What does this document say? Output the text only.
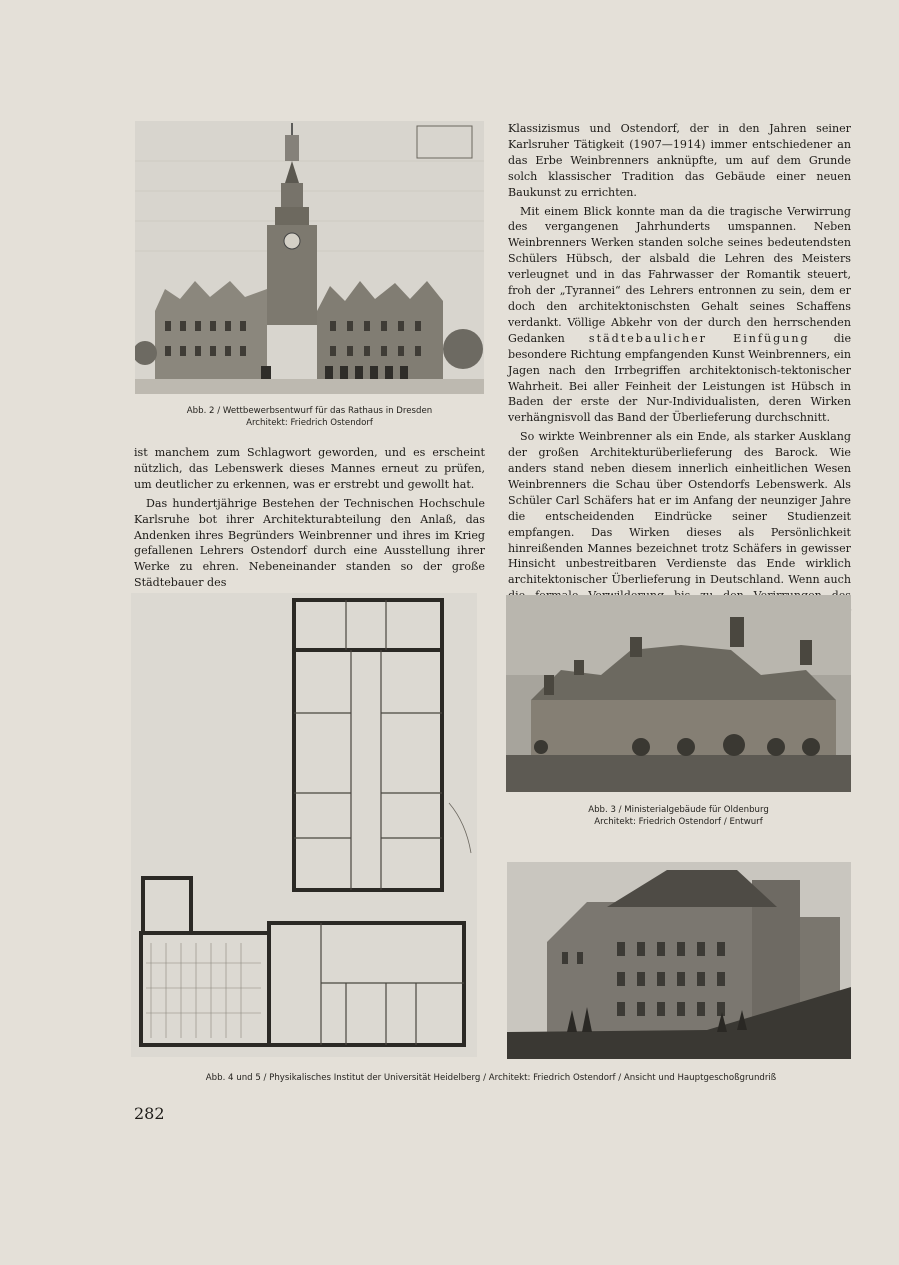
Abb. 2 / Wettbewerbsentwurf für das Rathaus in Dresden
Architekt: Friedrich Ostendorf

ist manchem zum Schlagwort geworden, und es erscheint nützlich, das Lebenswerk dieses Mannes erneut zu prüfen, um deutlicher zu erkennen, was er erstrebt und gewollt hat.

Das hundertjährige Bestehen der Technischen Hochschule Karlsruhe bot ihrer Architekturabteilung den Anlaß, das Andenken ihres Begründers Weinbrenner und ihres im Krieg gefallenen Lehrers Ostendorf durch eine Ausstellung ihrer Werke zu ehren. Nebeneinander standen so der große Städtebauer des

Klassizismus und Ostendorf, der in den Jahren seiner Karlsruher Tätigkeit (1907—1914) immer entschiedener an das Erbe Weinbrenners anknüpfte, um auf dem Grunde solch klassischer Tradition das Gebäude einer neuen Baukunst zu errichten.

Mit einem Blick konnte man da die tragische Verwirrung des vergangenen Jahrhunderts umspannen. Neben Weinbrenners Werken standen solche seines bedeutendsten Schülers Hübsch, der alsbald die Lehren des Meisters verleugnet und in das Fahrwasser der Romantik steuert, froh der „Tyrannei“ des Lehrers entronnen zu sein, dem er doch den architektonischsten Gehalt seines Schaffens verdankt. Völlige Abkehr von der durch den herrschenden Gedanken städtebaulicher Einfügung die besondere Richtung empfangenden Kunst Weinbrenners, ein Jagen nach den Irrbegriffen architektonisch-tektonischer Wahrheit. Bei aller Feinheit der Leistungen ist Hübsch in Baden der erste der Nur-Individualisten, deren Wirken verhängnisvoll das Band der Überlieferung durchschnitt.

So wirkte Weinbrenner als ein Ende, als starker Ausklang der großen Architekturüberlieferung des Barock. Wie anders stand neben diesem innerlich einheitlichen Wesen Weinbrenners die Schau über Ostendorfs Lebenswerk. Als Schüler Carl Schäfers hat er im Anfang der neunziger Jahre die entscheidenden Eindrücke seiner Studienzeit empfangen. Das Wirken dieses als Persönlichkeit hinreißenden Mannes bezeichnet trotz Schäfers in gewisser Hinsicht unbestreitbaren Verdienste das Ende wirklich architektonischer Überlieferung in Deutschland. Wenn auch

Abb. 3 / Ministerialgebäude für Oldenburg
Architekt: Friedrich Ostendorf / Entwurf
Abb. 4 und 5 / Physikalisches Institut der Universität Heidelberg / Architekt: Friedrich Ostendorf / Ansicht und Hauptgeschoßgrundriß
282
